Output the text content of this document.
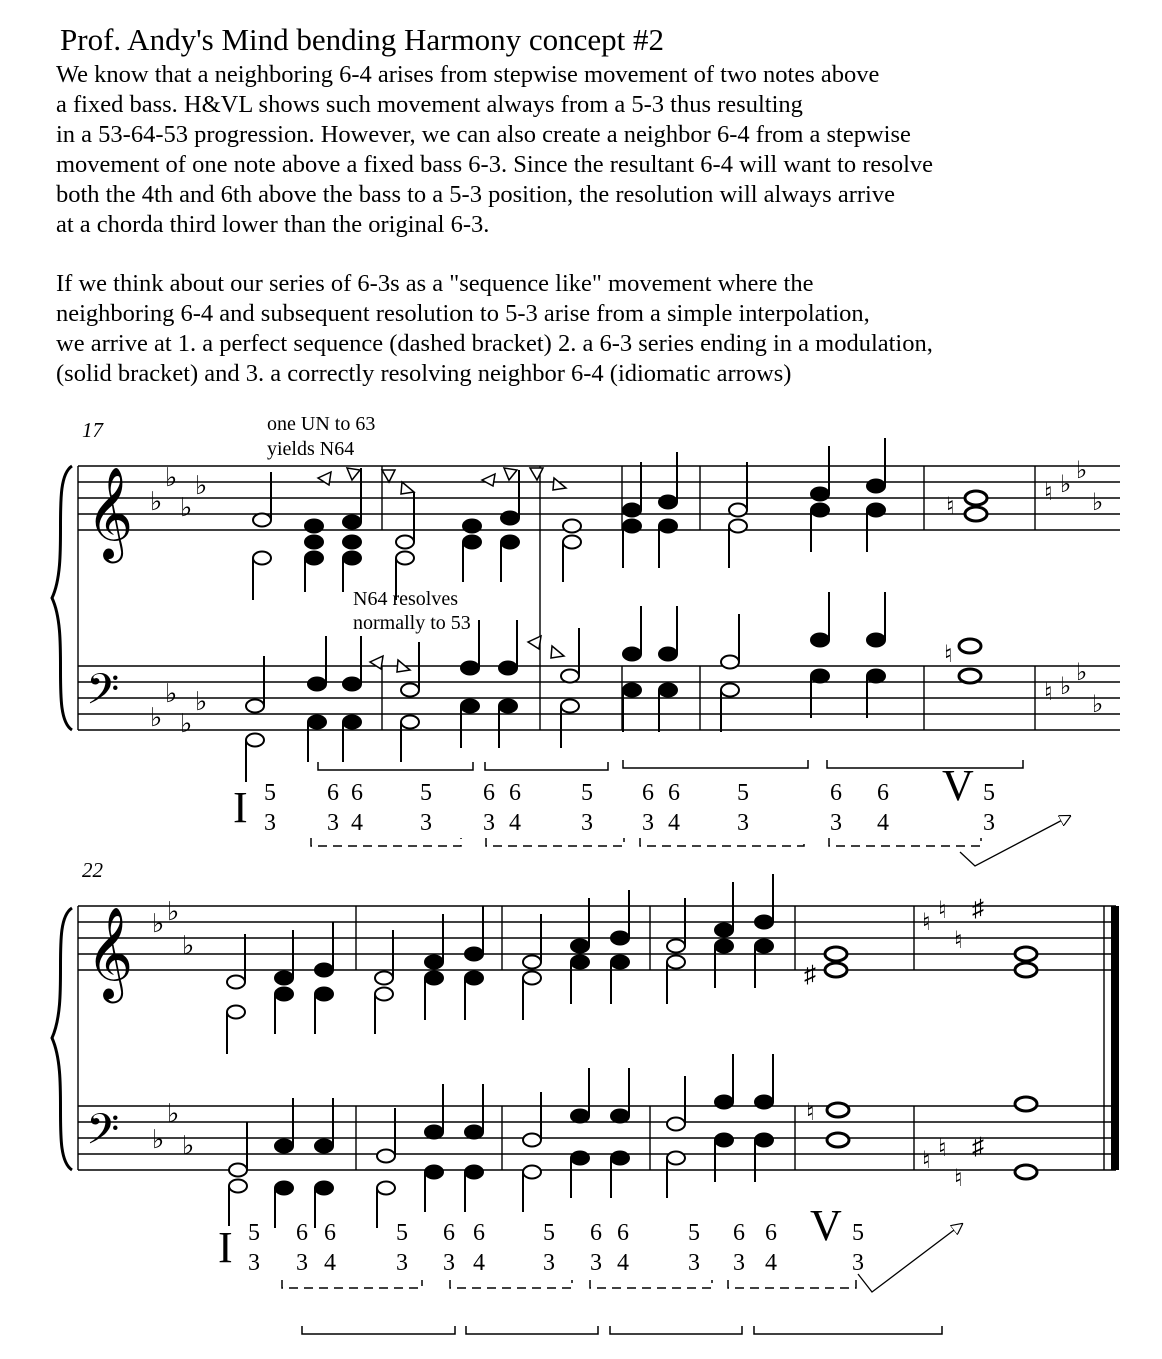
Prof. Andy's Mind bending Harmony concept #2
We know that a neighboring 6-4 arises from stepwise movement of two notes above
a fixed bass. H&VL shows such movement always from a 5-3 thus resulting
in a 53-64-53 progression. However, we can also create a neighbor 6-4 from a stepwise
movement of one note above a fixed bass 6-3. Since the resultant 6-4 will want to resolve
both the 4th and 6th above the bass to a 5-3 position, the resolution will always arrive
at a chorda third lower than the original 6-3.
If we think about our series of 6-3s as a "sequence like" movement where the
neighboring 6-4 and subsequent resolution to 5-3 arise from a simple interpolation,
we arrive at 1. a perfect sequence (dashed bracket) 2. a 6-3 series ending in a modulation,
(solid bracket) and 3. a correctly resolving neighbor 6-4 (idiomatic arrows)
17	one UN to 63
yields N64
N64 resolves
normally to 53
𝄞
𝄢
♭
♭
♭
♭
♭
♭
♭
♭
♮ ♭
♭
♭
♮ ♭
♭
♭
♮
♮
I 5
3
6
3
6
4
5
3
6
3
6
4
5
3
6
3
6
4
5
3
6
3
6
4
V 5
3
22
𝄞
𝄢
♭ ♭
♭
♭
♭
♭
♮ ♮
♮
♯
♮ ♮
♮
♯
♯
♮
I 5
3
6
3
6
4
5
3
6
3
6
4
5
3
6
3
6
4
5
3
6
3
6
4
V 5
3
